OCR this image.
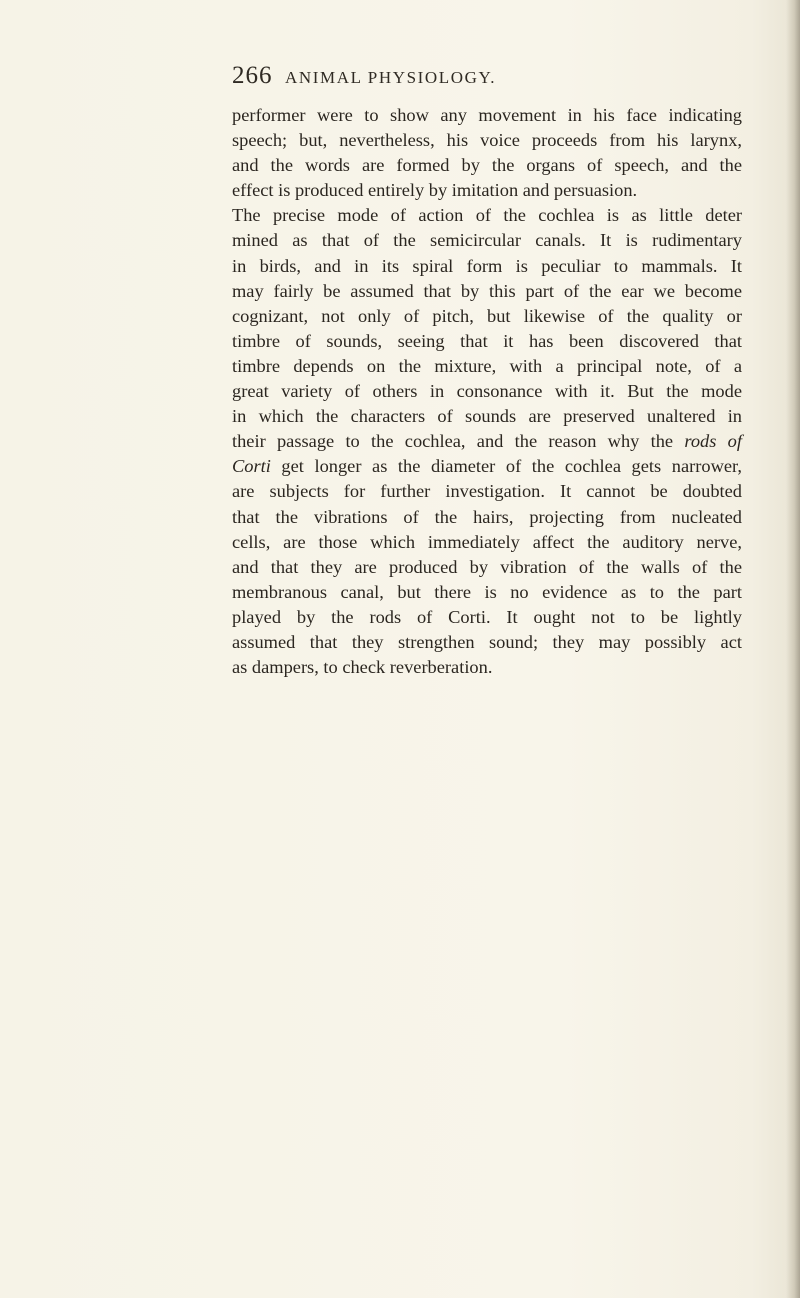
266 ANIMAL PHYSIOLOGY.
performer were to show any movement in his face indicating
speech; but, nevertheless, his voice proceeds from his larynx,
and the words are formed by the organs of speech, and the
effect is produced entirely by imitation and persuasion.
The precise mode of action of the cochlea is as little deter
mined as that of the semicircular canals. It is rudimentary
in birds, and in its spiral form is peculiar to mammals. It
may fairly be assumed that by this part of the ear we become
cognizant, not only of pitch, but likewise of the quality or
timbre of sounds, seeing that it has been discovered that
timbre depends on the mixture, with a principal note, of a
great variety of others in consonance with it. But the mode
in which the characters of sounds are preserved unaltered in
their passage to the cochlea, and the reason why the rods of
Corti get longer as the diameter of the cochlea gets narrower,
are subjects for further investigation. It cannot be doubted
that the vibrations of the hairs, projecting from nucleated
cells, are those which immediately affect the auditory nerve,
and that they are produced by vibration of the walls of the
membranous canal, but there is no evidence as to the part
played by the rods of Corti. It ought not to be lightly
assumed that they strengthen sound; they may possibly act
as dampers, to check reverberation.
